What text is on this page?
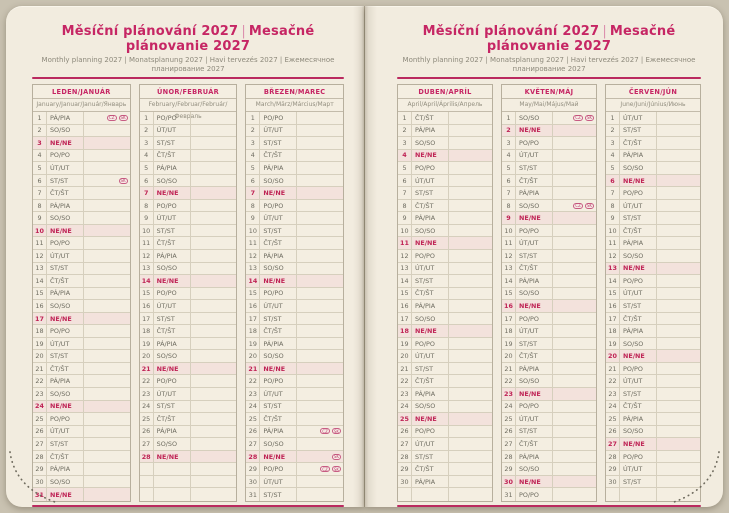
Měsíční plánování 2027 | Mesačné plánovanie 2027
Monthly planning 2027 | Monatsplanung 2027 | Havi tervezés 2027 | Ежемесячное планирование 2027
LEDEN/JANUÁR
January/Januar/Január/Январь
1	PÁ/PIA	CZ	SK
2	SO/SO
3	NE/NE
4	PO/PO
5	ÚT/UT
6	ST/ST	SK
7	ČT/ŠT
8	PÁ/PIA
9	SO/SO
10 NE/NE
11	PO/PO
12	ÚT/UT
13	ST/ST
14	ČT/ŠT
15	PÁ/PIA
16	SO/SO
17 NE/NE
18	PO/PO
19	ÚT/UT
20	ST/ST
21	ČT/ŠT
22	PÁ/PIA
23	SO/SO
24 NE/NE
25	PO/PO
26	ÚT/UT
27	ST/ST
28	ČT/ŠT
29	PÁ/PIA
30	SO/SO
31 NE/NE
ÚNOR/FEBRUÁR
February/Februar/Február/Февраль
1	PO/PO
2	ÚT/UT
3	ST/ST
4	ČT/ŠT
5	PÁ/PIA
6	SO/SO
7	NE/NE
8	PO/PO
9	ÚT/UT
10	ST/ST
11	ČT/ŠT
12	PÁ/PIA
13	SO/SO
14 NE/NE
15	PO/PO
16	ÚT/UT
17	ST/ST
18	ČT/ŠT
19	PÁ/PIA
20	SO/SO
21 NE/NE
22	PO/PO
23	ÚT/UT
24	ST/ST
25	ČT/ŠT
26	PÁ/PIA
27	SO/SO
28 NE/NE
BŘEZEN/MAREC
March/März/Március/Март
1	PO/PO
2	ÚT/UT
3	ST/ST
4	ČT/ŠT
5	PÁ/PIA
6	SO/SO
7	NE/NE
8	PO/PO
9	ÚT/UT
10	ST/ST
11	ČT/ŠT
12	PÁ/PIA
13	SO/SO
14 NE/NE
15	PO/PO
16	ÚT/UT
17	ST/ST
18	ČT/ŠT
19	PÁ/PIA
20	SO/SO
21 NE/NE
22	PO/PO
23	ÚT/UT
24	ST/ST
25	ČT/ŠT
26	PÁ/PIA	CZ	SK
27	SO/SO
28 NE/NE	SK
29	PO/PO	CZ	SK
30	ÚT/UT
31	ST/ST
Měsíční plánování 2027 | Mesačné plánovanie 2027
Monthly planning 2027 | Monatsplanung 2027 | Havi tervezés 2027 | Ежемесячное планирование 2027
DUBEN/APRÍL
April/April/Április/Апрель
1	ČT/ŠT
2	PÁ/PIA
3	SO/SO
4	NE/NE
5	PO/PO
6	ÚT/UT
7	ST/ST
8	ČT/ŠT
9	PÁ/PIA
10	SO/SO
11 NE/NE
12	PO/PO
13	ÚT/UT
14	ST/ST
15	ČT/ŠT
16	PÁ/PIA
17	SO/SO
18 NE/NE
19	PO/PO
20	ÚT/UT
21	ST/ST
22	ČT/ŠT
23	PÁ/PIA
24	SO/SO
25 NE/NE
26	PO/PO
27	ÚT/UT
28	ST/ST
29	ČT/ŠT
30	PÁ/PIA
KVĚTEN/MÁJ
May/Mai/Május/Май
1	SO/SO	CZ	SK
2	NE/NE
3	PO/PO
4	ÚT/UT
5	ST/ST
6	ČT/ŠT
7	PÁ/PIA
8	SO/SO	CZ	SK
9	NE/NE
10	PO/PO
11	ÚT/UT
12	ST/ST
13	ČT/ŠT
14	PÁ/PIA
15	SO/SO
16 NE/NE
17	PO/PO
18	ÚT/UT
19	ST/ST
20	ČT/ŠT
21	PÁ/PIA
22	SO/SO
23 NE/NE
24	PO/PO
25	ÚT/UT
26	ST/ST
27	ČT/ŠT
28	PÁ/PIA
29	SO/SO
30 NE/NE
31	PO/PO
ČERVEN/JÚN
June/Juni/Június/Июнь
1	ÚT/UT
2	ST/ST
3	ČT/ŠT
4	PÁ/PIA
5	SO/SO
6	NE/NE
7	PO/PO
8	ÚT/UT
9	ST/ST
10	ČT/ŠT
11	PÁ/PIA
12	SO/SO
13 NE/NE
14	PO/PO
15	ÚT/UT
16	ST/ST
17	ČT/ŠT
18	PÁ/PIA
19	SO/SO
20 NE/NE
21	PO/PO
22	ÚT/UT
23	ST/ST
24	ČT/ŠT
25	PÁ/PIA
26	SO/SO
27 NE/NE
28	PO/PO
29	ÚT/UT
30	ST/ST
